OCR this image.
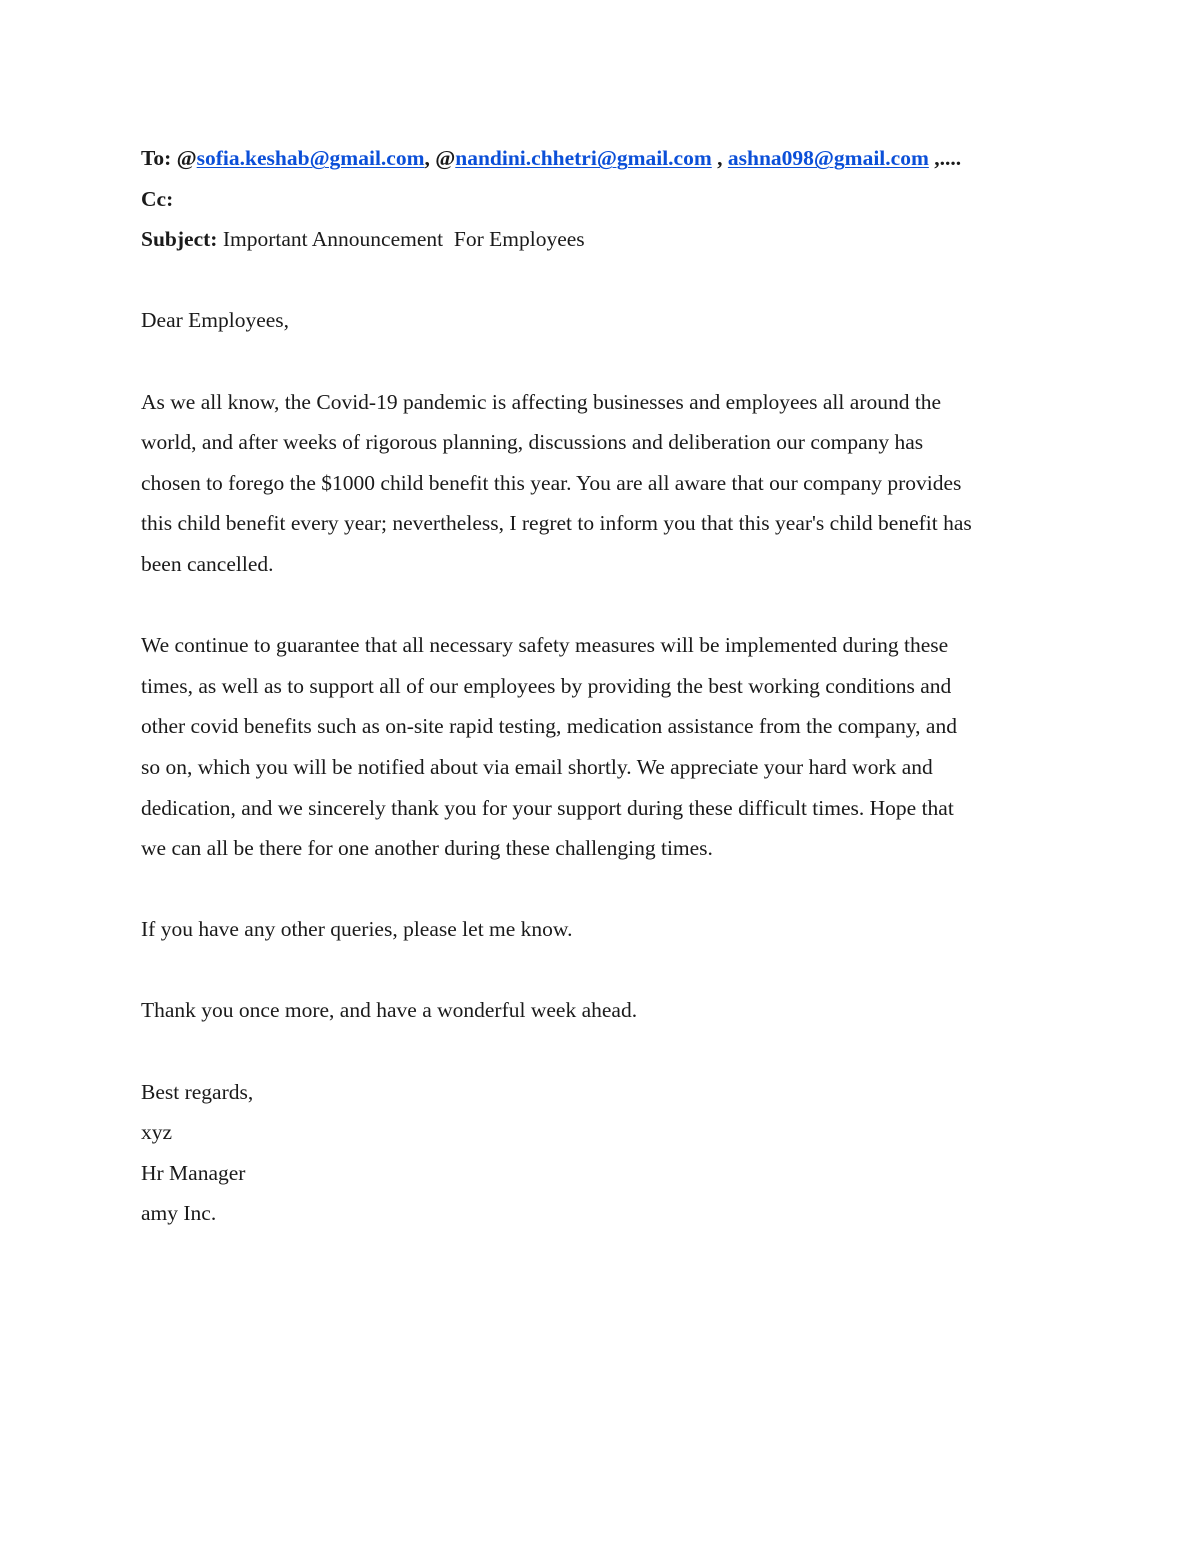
To: @sofia.keshab@gmail.com, @nandini.chhetri@gmail.com , ashna098@gmail.com ,....

Cc:

Subject: Important Announcement  For Employees

Dear Employees,

As we all know, the Covid-19 pandemic is affecting businesses and employees all around the

world, and after weeks of rigorous planning, discussions and deliberation our company has

chosen to forego the $1000 child benefit this year. You are all aware that our company provides

this child benefit every year; nevertheless, I regret to inform you that this year's child benefit has

been cancelled.

We continue to guarantee that all necessary safety measures will be implemented during these

times, as well as to support all of our employees by providing the best working conditions and

other covid benefits such as on-site rapid testing, medication assistance from the company, and

so on, which you will be notified about via email shortly. We appreciate your hard work and

dedication, and we sincerely thank you for your support during these difficult times. Hope that

we can all be there for one another during these challenging times.

If you have any other queries, please let me know.

Thank you once more, and have a wonderful week ahead.

Best regards,

xyz

Hr Manager

amy Inc.
